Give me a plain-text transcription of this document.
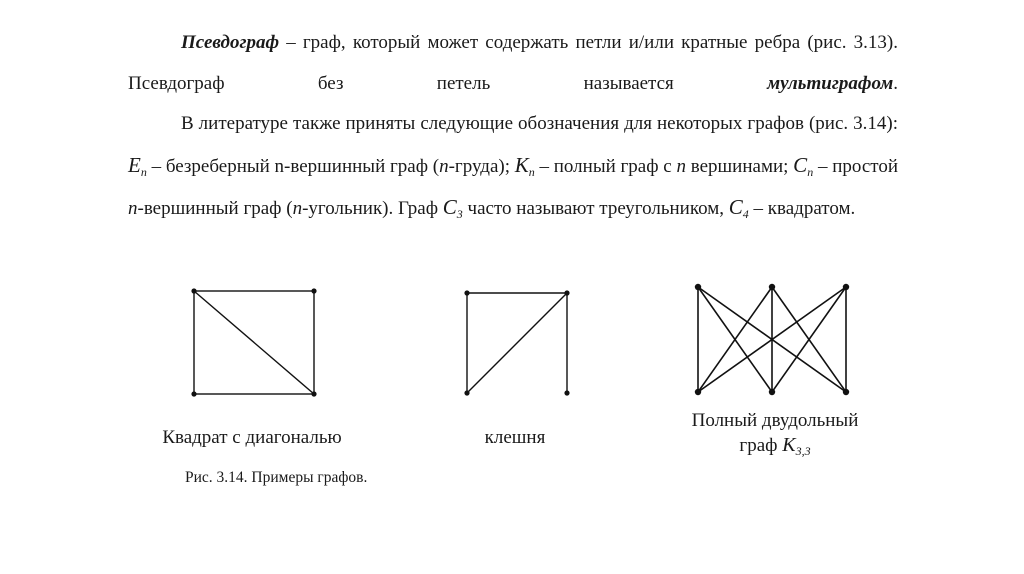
Псевдограф – граф, который может содержать петли и/или кратные ребра (рис. 3.13). Псевдограф без петель называется мультиграфом.

В литературе также приняты следующие обозначения для некоторых графов (рис. 3.14): $E_n$ – безреберный n-вершинный граф (n-груда); $K_n$ – полный граф с n вершинами; $C_n$ – простой n-вершинный граф (n-угольник). Граф $C_3$ часто называют треугольником, $C_4$ – квадратом.

Квадрат с диагональю	клешня

Полный двудольный
граф $K_{3,3}$

Рис. 3.14. Примеры графов.
